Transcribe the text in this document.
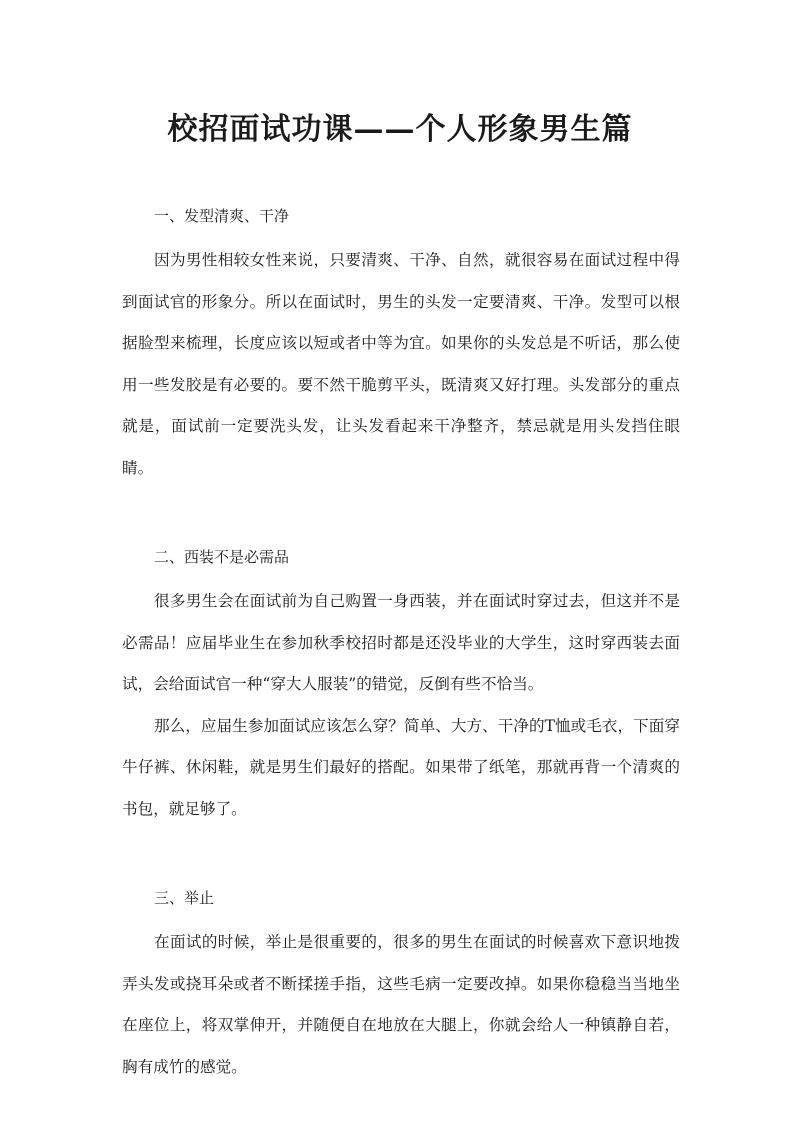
校招面试功课——个人形象男生篇

一、发型清爽、干净

因为男性相较女性来说，只要清爽、干净、自然，就很容易在面试过程中得到面试官的形象分。所以在面试时，男生的头发一定要清爽、干净。发型可以根据脸型来梳理，长度应该以短或者中等为宜。如果你的头发总是不听话，那么使用一些发胶是有必要的。要不然干脆剪平头，既清爽又好打理。头发部分的重点就是，面试前一定要洗头发，让头发看起来干净整齐，禁忌就是用头发挡住眼睛。

二、西装不是必需品

很多男生会在面试前为自己购置一身西装，并在面试时穿过去，但这并不是必需品！应届毕业生在参加秋季校招时都是还没毕业的大学生，这时穿西装去面试，会给面试官一种“穿大人服装”的错觉，反倒有些不恰当。

那么，应届生参加面试应该怎么穿？简单、大方、干净的T恤或毛衣，下面穿牛仔裤、休闲鞋，就是男生们最好的搭配。如果带了纸笔，那就再背一个清爽的书包，就足够了。

三、举止

在面试的时候，举止是很重要的，很多的男生在面试的时候喜欢下意识地拨弄头发或挠耳朵或者不断揉搓手指，这些毛病一定要改掉。如果你稳稳当当地坐在座位上，将双掌伸开，并随便自在地放在大腿上，你就会给人一种镇静自若，胸有成竹的感觉。
